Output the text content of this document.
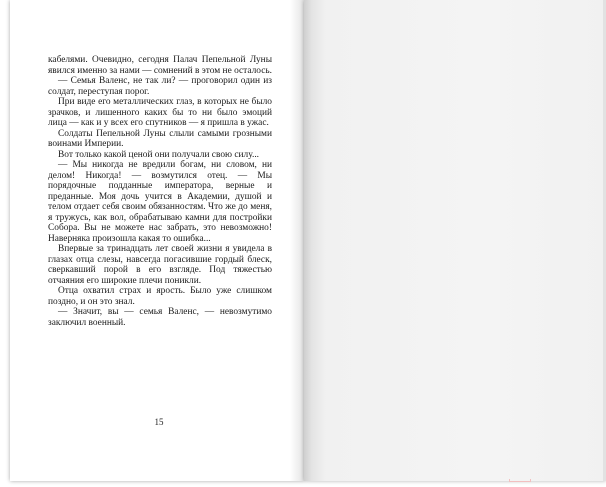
кабелями. Очевидно, сегодня Палач Пепельной Луны явился именно за нами — сомнений в этом не осталось.

— Семья Валенс, не так ли? — проговорил один из солдат, переступая порог.

При виде его металлических глаз, в которых не было зрачков, и лишенного каких бы то ни было эмоций лица — как и у всех его спутников — я пришла в ужас.

Солдаты Пепельной Луны слыли самыми грозными воинами Империи.

Вот только какой ценой они получали свою силу...

— Мы никогда не вредили богам, ни словом, ни делом! Никогда! — возмутился отец. — Мы порядочные подданные императора, верные и преданные. Моя дочь учится в Академии, душой и телом отдает себя своим обязанностям. Что же до меня, я тружусь, как вол, обрабатываю камни для постройки Собора. Вы не можете нас забрать, это невозможно! Наверняка произошла какая то ошибка...

Впервые за тринадцать лет своей жизни я увидела в глазах отца слезы, навсегда погасившие гордый блеск, сверкавший порой в его взгляде. Под тяжестью отчаяния его широкие плечи поникли.

Отца охватил страх и ярость. Было уже слишком поздно, и он это знал.

— Значит, вы — семья Валенс, — невозмутимо заключил военный.

15
